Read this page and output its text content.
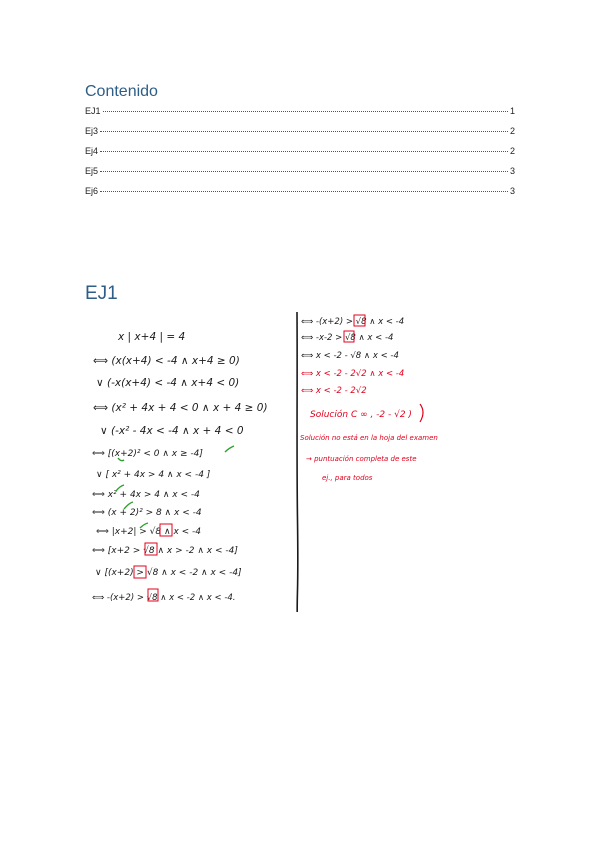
Contenido
EJ1	1
Ej3	2
Ej4	2
Ej5	3
Ej6	3
EJ1
x | x+4 | = 4
⟺ (x(x+4) < -4 ∧ x+4 ≥ 0)
∨ (-x(x+4) < -4 ∧ x+4 < 0)
⟺ (x² + 4x + 4 < 0 ∧ x + 4 ≥ 0)
∨ (-x² - 4x < -4 ∧ x + 4 < 0
⟺ [(x+2)² < 0 ∧ x ≥ -4]
∨ [ x² + 4x > 4 ∧ x < -4 ]
⟺ x² + 4x > 4 ∧ x < -4
⟺ (x + 2)² > 8 ∧ x < -4
⟺ |x+2| > √8 ∧ x < -4
⟺ [x+2 > √8 ∧ x > -2 ∧ x < -4]
∨ [(x+2) > √8 ∧ x < -2 ∧ x < -4]
⟺ -(x+2) > √8 ∧ x < -2 ∧ x < -4.
⟺ -(x+2) > √8 ∧ x < -4
⟺ -x-2 > √8 ∧ x < -4
⟺ x < -2 - √8 ∧ x < -4
⟺ x < -2 - 2√2 ∧ x < -4
⟺ x < -2 - 2√2
Solución C ∞ , -2 - √2 )
Solución no está en la hoja del examen
→ puntuación completa de este
ej., para todos
